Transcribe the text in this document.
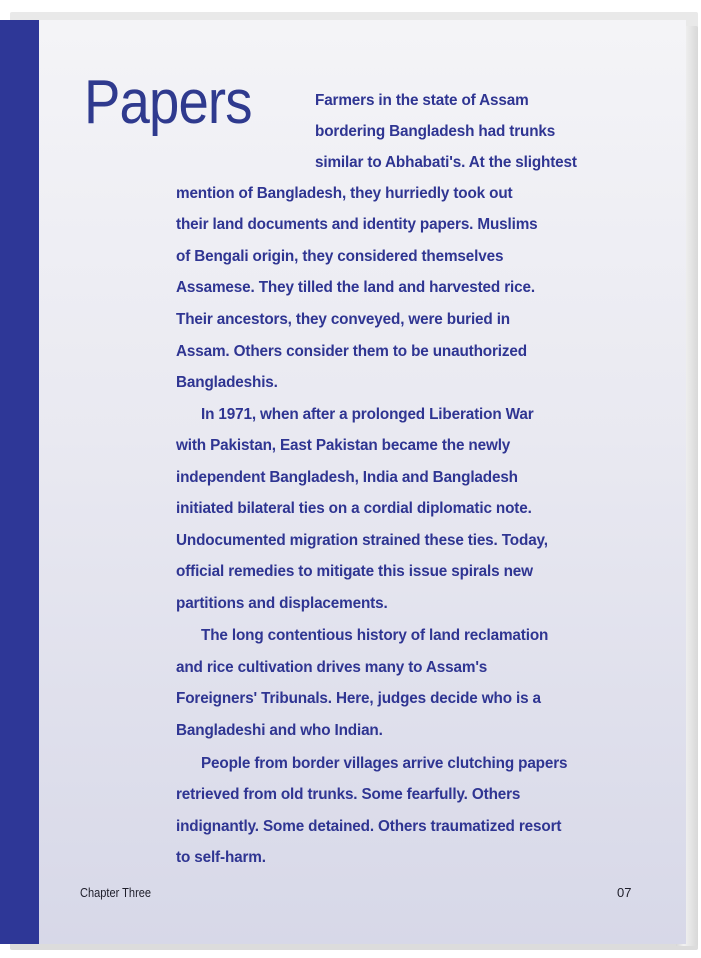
Papers	Farmers in the state of Assam
bordering Bangladesh had trunks
similar to Abhabati's. At the slightest
mention of Bangladesh, they hurriedly took out
their land documents and identity papers. Muslims
of Bengali origin, they considered themselves
Assamese. They tilled the land and harvested rice.
Their ancestors, they conveyed, were buried in
Assam. Others consider them to be unauthorized
Bangladeshis.
In 1971, when after a prolonged Liberation War
with Pakistan, East Pakistan became the newly
independent Bangladesh, India and Bangladesh
initiated bilateral ties on a cordial diplomatic note.
Undocumented migration strained these ties. Today,
official remedies to mitigate this issue spirals new
partitions and displacements.
The long contentious history of land reclamation
and rice cultivation drives many to Assam's
Foreigners' Tribunals. Here, judges decide who is a
Bangladeshi and who Indian.
People from border villages arrive clutching papers
retrieved from old trunks. Some fearfully. Others
indignantly. Some detained. Others traumatized resort
to self-harm.
Chapter Three	07
